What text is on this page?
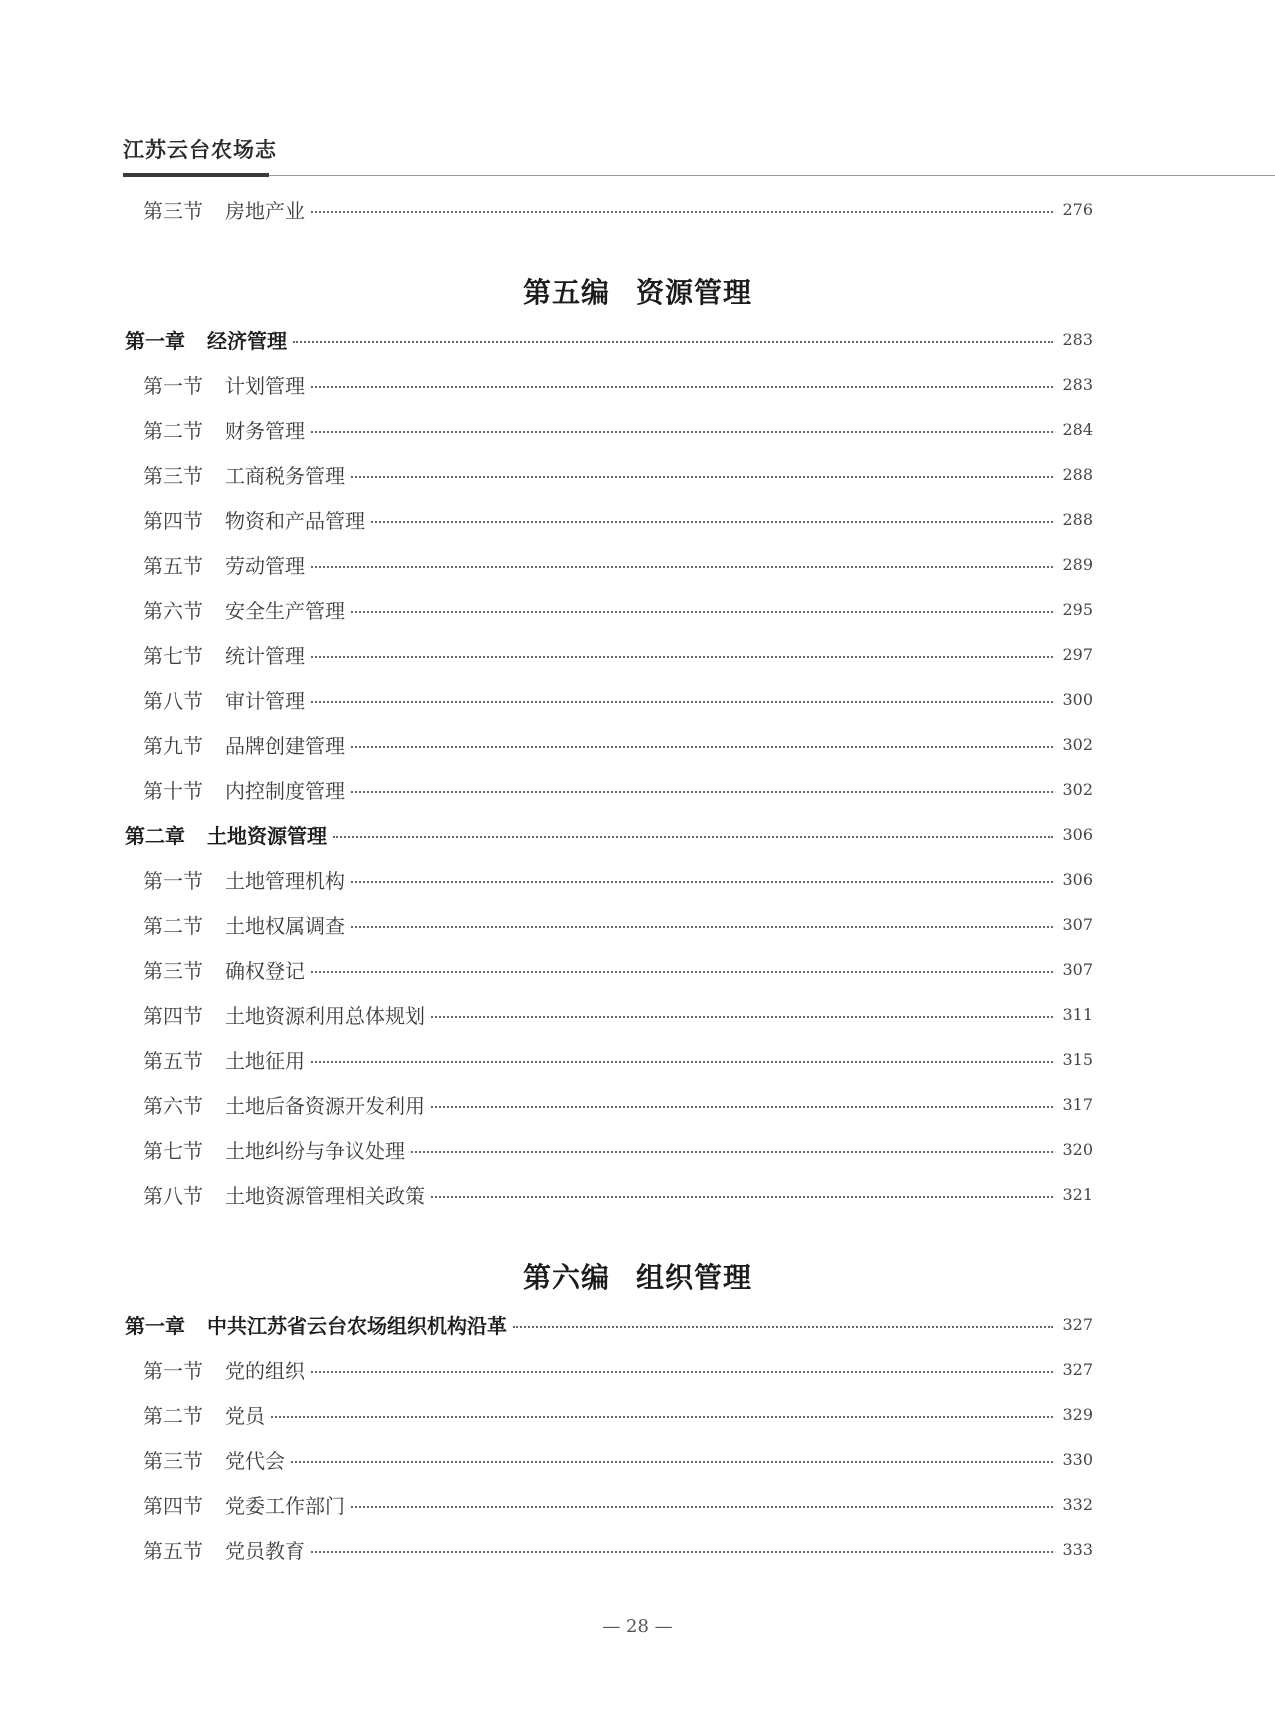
江苏云台农场志
第三节 房地产业	276
第五编 资源管理
第一章 经济管理	283
第一节 计划管理	283
第二节 财务管理	284
第三节 工商税务管理	288
第四节 物资和产品管理	288
第五节 劳动管理	289
第六节 安全生产管理	295
第七节 统计管理	297
第八节 审计管理	300
第九节 品牌创建管理	302
第十节 内控制度管理	302
第二章 土地资源管理	306
第一节 土地管理机构	306
第二节 土地权属调查	307
第三节 确权登记	307
第四节 土地资源利用总体规划	311
第五节 土地征用	315
第六节 土地后备资源开发利用	317
第七节 土地纠纷与争议处理	320
第八节 土地资源管理相关政策	321
第六编 组织管理
第一章 中共江苏省云台农场组织机构沿革	327
第一节 党的组织	327
第二节 党员	329
第三节 党代会	330
第四节 党委工作部门	332
第五节 党员教育	333
— 28 —
